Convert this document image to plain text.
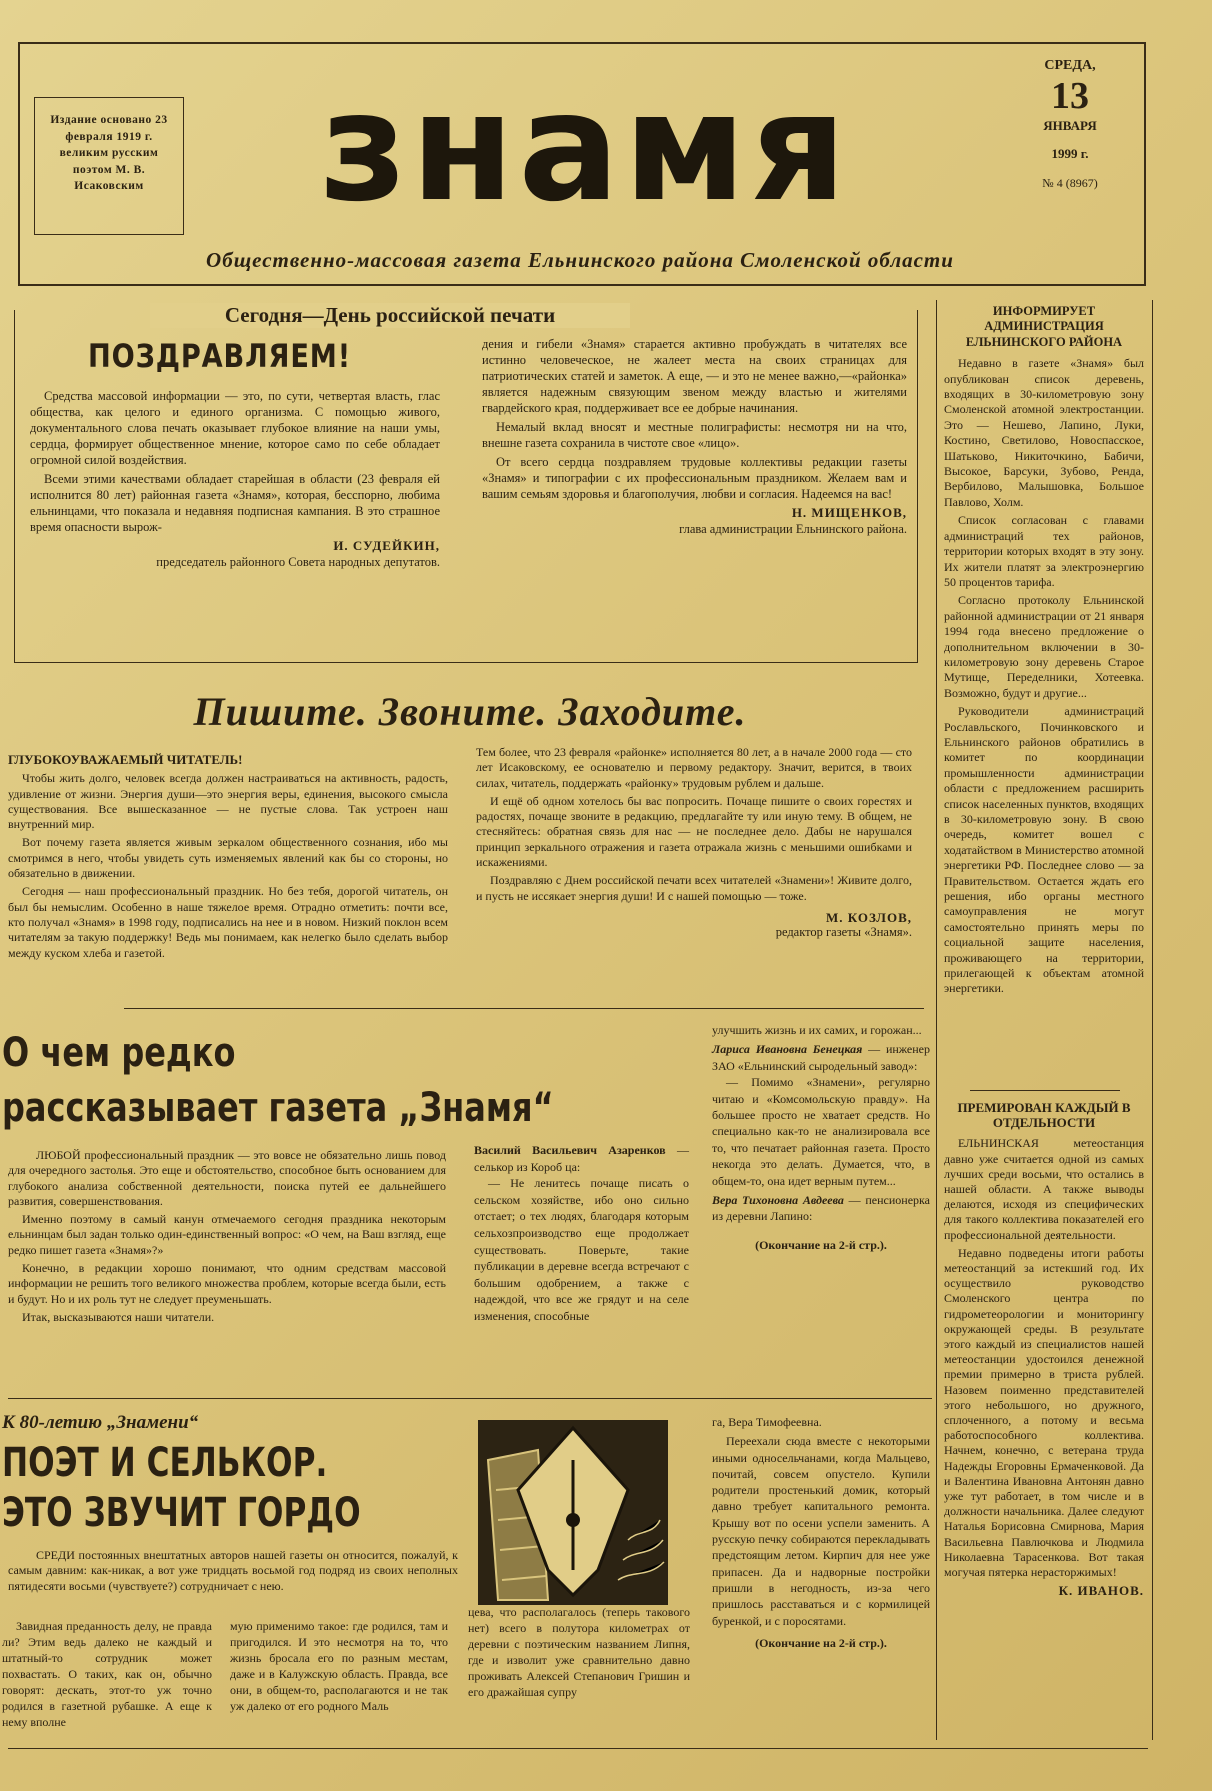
Издание основано 23 февраля 1919 г. великим русским поэтом М. В. Исаковским	знамя	СРЕДА,
13
ЯНВАРЯ
1999 г.
№ 4 (8967)
Общественно-массовая газета Ельнинского района Смоленской области
Сегодня—День российской печати
ПОЗДРАВЛЯЕМ!

Средства массовой информации — это, по сути, четвертая власть, глас общества, как целого и единого организма. С помощью живого, документального слова печать оказывает глубокое влияние на наши умы, сердца, формирует общественное мнение, которое само по себе обладает огромной силой воздействия.

Всеми этими качествами обладает старейшая в области (23 февраля ей исполнится 80 лет) районная газета «Знамя», которая, бесспорно, любима ельнинцами, что показала и недавняя подписная кампания. В это страшное время опасности вырож-

И. СУДЕЙКИН,
председатель районного Совета народных депутатов.

дения и гибели «Знамя» старается активно пробуждать в читателях все истинно человеческое, не жалеет места на своих страницах для патриотических статей и заметок. А еще, — и это не менее важно,—«районка» является надежным связующим звеном между властью и жителями гвардейского края, поддерживает все ее добрые начинания.

Немалый вклад вносят и местные полиграфисты: несмотря ни на что, внешне газета сохранила в чистоте свое «лицо».

От всего сердца поздравляем трудовые коллективы редакции газеты «Знамя» и типографии с их профессиональным праздником. Желаем вам и вашим семьям здоровья и благополучия, любви и согласия. Надеемся на вас!

Н. МИЩЕНКОВ,
глава администрации Ельнинского района.
Пишите. Звоните. Заходите.
ГЛУБОКОУВАЖАЕМЫЙ ЧИТАТЕЛЬ!

Чтобы жить долго, человек всегда должен настраиваться на активность, радость, удивление от жизни. Энергия души—это энергия веры, единения, высокого смысла существования. Все вышесказанное — не пустые слова. Так устроен наш внутренний мир.

Вот почему газета является живым зеркалом общественного сознания, ибо мы смотримся в него, чтобы увидеть суть изменяемых явлений как бы со стороны, но обязательно в движении.

Сегодня — наш профессиональный праздник. Но без тебя, дорогой читатель, он был бы немыслим. Особенно в наше тяжелое время. Отрадно отметить: почти все, кто получал «Знамя» в 1998 году, подписались на нее и в новом. Низкий поклон всем читателям за такую поддержку! Ведь мы понимаем, как нелегко было сделать выбор между куском хлеба и газетой.

Тем более, что 23 февраля «районке» исполняется 80 лет, а в начале 2000 года — сто лет Исаковскому, ее основателю и первому редактору. Значит, верится, в твоих силах, читатель, поддержать «районку» трудовым рублем и дальше.

И ещё об одном хотелось бы вас попросить. Почаще пишите о своих горестях и радостях, почаще звоните в редакцию, предлагайте ту или иную тему. В общем, не стесняйтесь: обратная связь для нас — не последнее дело. Дабы не нарушался принцип зеркального отражения и газета отражала жизнь с меньшими ошибками и искажениями.

Поздравляю с Днем российской печати всех читателей «Знамени»! Живите долго, и пусть не иссякает энергия души! И с нашей помощью — тоже.

М. КОЗЛОВ,
редактор газеты «Знамя».
О чем редко
рассказывает газета „Знамя“

ЛЮБОЙ профессиональный праздник — это вовсе не обязательно лишь повод для очередного застолья. Это еще и обстоятельство, способное быть основанием для глубокого анализа собственной деятельности, поиска путей ее дальнейшего развития, совершенствования.

Именно поэтому в самый канун отмечаемого сегодня праздника некоторым ельнинцам был задан только один-единственный вопрос: «О чем, на Ваш взгляд, еще редко пишет газета «Знамя»?»

Конечно, в редакции хорошо понимают, что одним средствам массовой информации не решить того великого множества проблем, которые всегда были, есть и будут. Но и их роль тут не следует преуменьшать.

Итак, высказываются наши читатели.

Василий Васильевич Азаренков — селькор из Короб ца:

— Не ленитесь почаще писать о сельском хозяйстве, ибо оно сильно отстает; о тех людях, благодаря которым сельхозпроизводство еще продолжает существовать. Поверьте, такие публикации в деревне всегда встречают с большим одобрением, а также с надеждой, что все же грядут и на селе изменения, способные

улучшить жизнь и их самих, и горожан...

Лариса Ивановна Бенецкая — инженер ЗАО «Ельнинский сыродельный завод»:

— Помимо «Знамени», регулярно читаю и «Комсомольскую правду». На большее просто не хватает средств. Но специально как-то не анализировала все то, что печатает районная газета. Просто некогда это делать. Думается, что, в общем-то, она идет верным путем...

Вера Тихоновна Авдеева — пенсионерка из деревни Лапино:
(Окончание на 2-й стр.).
К 80-летию „Знамени“
ПОЭТ И СЕЛЬКОР.
ЭТО ЗВУЧИТ ГОРДО

СРЕДИ постоянных внештатных авторов нашей газеты он относится, пожалуй, к самым давним: как-никак, а вот уже тридцать восьмой год подряд из своих неполных пятидесяти восьми (чувствуете?) сотрудничает с нею.

Завидная преданность делу, не правда ли? Этим ведь далеко не каждый и штатный-то сотрудник может похвастать. О таких, как он, обычно говорят: дескать, этот-то уж точно родился в газетной рубашке. А еще к нему вполне

мую применимо такое: где родился, там и пригодился. И это несмотря на то, что жизнь бросала его по разным местам, даже и в Калужскую область. Правда, все они, в общем-то, располагаются и не так уж далеко от его родного Маль

цева, что располагалось (теперь такового нет) всего в полутора километрах от деревни с поэтическим названием Липня, где и изволит уже сравнительно давно проживать Алексей Степанович Гришин и его дражайшая супру

га, Вера Тимофеевна.

Переехали сюда вместе с некоторыми иными односельчанами, когда Мальцево, почитай, совсем опустело. Купили родители простенький домик, который давно требует капитального ремонта. Крышу вот по осени успели заменить. А русскую печку собираются перекладывать предстоящим летом. Кирпич для нее уже припасен. Да и надворные постройки пришли в негодность, из-за чего пришлось расставаться и с кормилицей буренкой, и с поросятами.

(Окончание на 2-й стр.).
ИНФОРМИРУЕТ АДМИНИСТРАЦИЯ ЕЛЬНИНСКОГО РАЙОНА

Недавно в газете «Знамя» был опубликован список деревень, входящих в 30-километровую зону Смоленской атомной электростанции. Это — Нешево, Лапино, Луки, Костино, Светилово, Новоспасское, Шатьково, Никиточкино, Бабичи, Высокое, Барсуки, Зубово, Ренда, Вербилово, Малышовка, Большое Павлово, Холм.

Список согласован с главами администраций тех районов, территории которых входят в эту зону. Их жители платят за электроэнергию 50 процентов тарифа.

Согласно протоколу Ельнинской районной администрации от 21 января 1994 года внесено предложение о дополнительном включении в 30-километровую зону деревень Старое Мутище, Переделники, Хотеевка. Возможно, будут и другие...

Руководители администраций Рославльского, Починковского и Ельнинского районов обратились в комитет по координации промышленности администрации области с предложением расширить список населенных пунктов, входящих в 30-километровую зону. В свою очередь, комитет вошел с ходатайством в Министерство атомной энергетики РФ. Последнее слово — за Правительством. Остается ждать его решения, ибо органы местного самоуправления не могут самостоятельно принять меры по социальной защите населения, проживающего на территории, прилегающей к объектам атомной энергетики.

ПРЕМИРОВАН КАЖДЫЙ В ОТДЕЛЬНОСТИ

ЕЛЬНИНСКАЯ метеостанция давно уже считается одной из самых лучших среди восьми, что остались в нашей области. А также выводы делаются, исходя из специфических для такого коллектива показателей его профессиональной деятельности.

Недавно подведены итоги работы метеостанций за истекший год. Их осуществило руководство Смоленского центра по гидрометеорологии и мониторингу окружающей среды. В результате этого каждый из специалистов нашей метеостанции удостоился денежной премии примерно в триста рублей. Назовем поименно представителей этого небольшого, но дружного, сплоченного, а потому и весьма работоспособного коллектива. Начнем, конечно, с ветерана труда Надежды Егоровны Ермаченковой. Да и Валентина Ивановна Антонян давно уже тут работает, в том числе и в должности начальника. Далее следуют Наталья Борисовна Смирнова, Мария Васильевна Павлючкова и Людмила Николаевна Тарасенкова. Вот такая могучая пятерка нерасторжимых!

К. ИВАНОВ.
